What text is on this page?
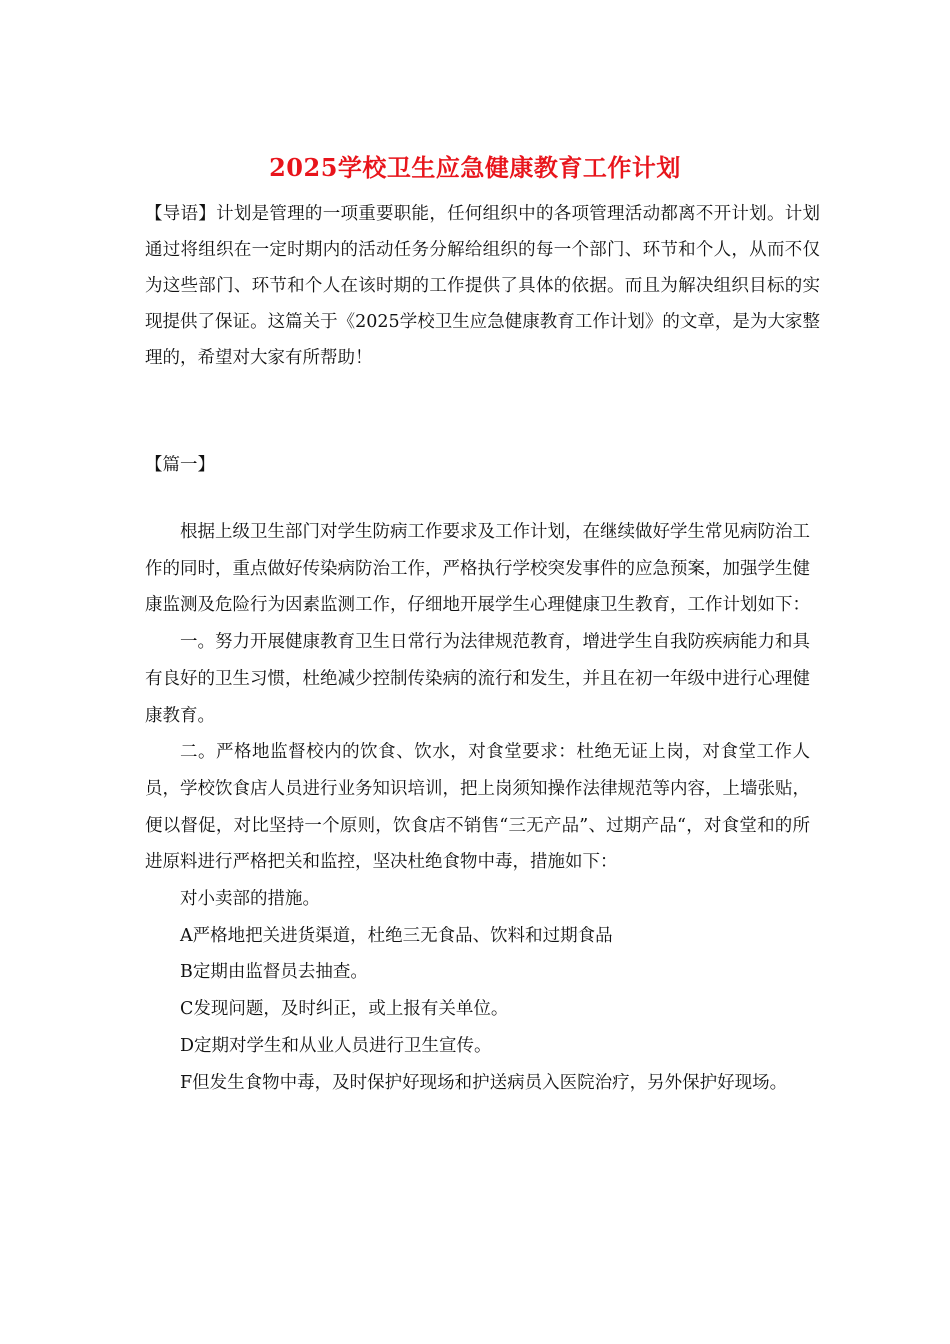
2025学校卫生应急健康教育工作计划
【导语】计划是管理的一项重要职能，任何组织中的各项管理活动都离不开计划。计划通过将组织在一定时期内的活动任务分解给组织的每一个部门、环节和个人，从而不仅为这些部门、环节和个人在该时期的工作提供了具体的依据。而且为解决组织目标的实现提供了保证。这篇关于《2025学校卫生应急健康教育工作计划》的文章，是为大家整理的，希望对大家有所帮助！
【篇一】

根据上级卫生部门对学生防病工作要求及工作计划，在继续做好学生常见病防治工作的同时，重点做好传染病防治工作，严格执行学校突发事件的应急预案，加强学生健康监测及危险行为因素监测工作，仔细地开展学生心理健康卫生教育，工作计划如下：

一。努力开展健康教育卫生日常行为法律规范教育，增进学生自我防疾病能力和具有良好的卫生习惯，杜绝减少控制传染病的流行和发生，并且在初一年级中进行心理健康教育。

二。严格地监督校内的饮食、饮水，对食堂要求：杜绝无证上岗，对食堂工作人员，学校饮食店人员进行业务知识培训，把上岗须知操作法律规范等内容，上墙张贴，便以督促，对比坚持一个原则，饮食店不销售“三无产品”、过期产品“，对食堂和的所进原料进行严格把关和监控，坚决杜绝食物中毒，措施如下：

对小卖部的措施。

A严格地把关进货渠道，杜绝三无食品、饮料和过期食品

B定期由监督员去抽查。

C发现问题，及时纠正，或上报有关单位。

D定期对学生和从业人员进行卫生宣传。

F但发生食物中毒，及时保护好现场和护送病员入医院治疗，另外保护好现场。
